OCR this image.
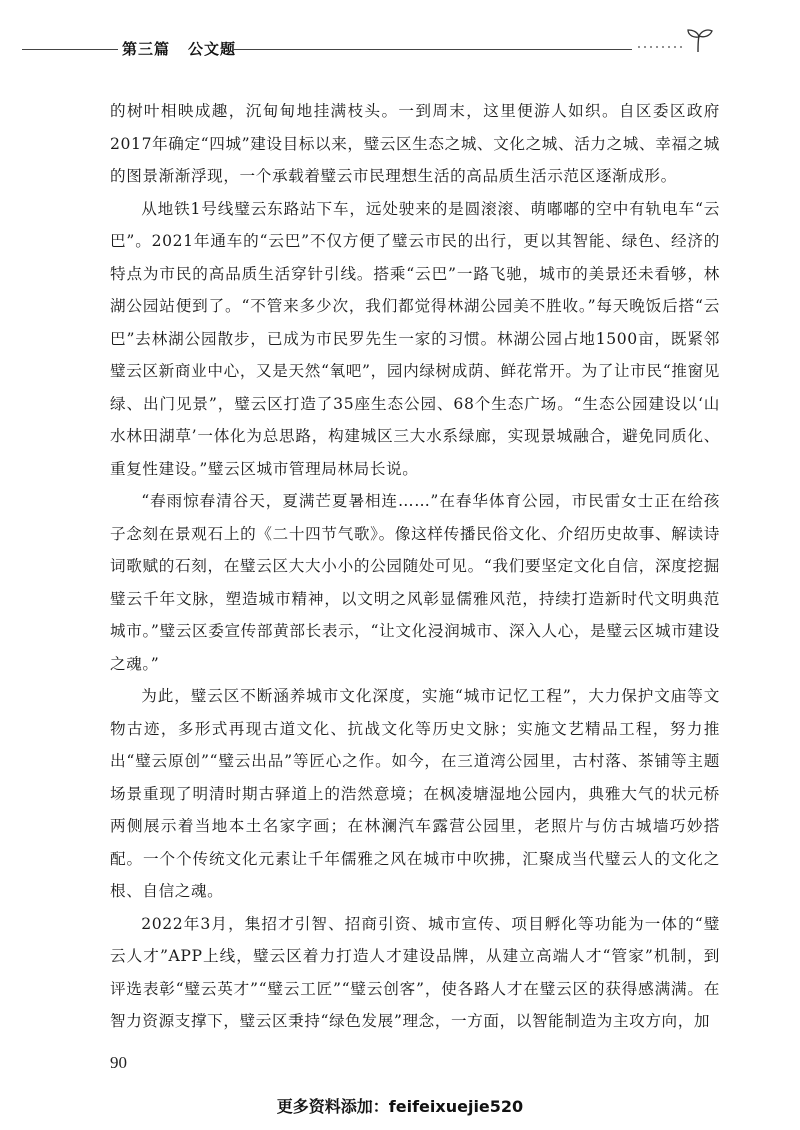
第三篇 公文题

的树叶相映成趣，沉甸甸地挂满枝头。一到周末，这里便游人如织。自区委区政府2017年确定“四城”建设目标以来，璧云区生态之城、文化之城、活力之城、幸福之城的图景渐渐浮现，一个承载着璧云市民理想生活的高品质生活示范区逐渐成形。

从地铁1号线璧云东路站下车，远处驶来的是圆滚滚、萌嘟嘟的空中有轨电车“云巴”。2021年通车的“云巴”不仅方便了璧云市民的出行，更以其智能、绿色、经济的特点为市民的高品质生活穿针引线。搭乘“云巴”一路飞驰，城市的美景还未看够，林湖公园站便到了。“不管来多少次，我们都觉得林湖公园美不胜收。”每天晚饭后搭“云巴”去林湖公园散步，已成为市民罗先生一家的习惯。林湖公园占地1500亩，既紧邻璧云区新商业中心，又是天然“氧吧”，园内绿树成荫、鲜花常开。为了让市民“推窗见绿、出门见景”，璧云区打造了35座生态公园、68个生态广场。“生态公园建设以‘山水林田湖草’一体化为总思路，构建城区三大水系绿廊，实现景城融合，避免同质化、重复性建设。”璧云区城市管理局林局长说。

“春雨惊春清谷天，夏满芒夏暑相连……”在春华体育公园，市民雷女士正在给孩子念刻在景观石上的《二十四节气歌》。像这样传播民俗文化、介绍历史故事、解读诗词歌赋的石刻，在璧云区大大小小的公园随处可见。“我们要坚定文化自信，深度挖掘璧云千年文脉，塑造城市精神，以文明之风彰显儒雅风范，持续打造新时代文明典范城市。”璧云区委宣传部黄部长表示，“让文化浸润城市、深入人心，是璧云区城市建设之魂。”

为此，璧云区不断涵养城市文化深度，实施“城市记忆工程”，大力保护文庙等文物古迹，多形式再现古道文化、抗战文化等历史文脉；实施文艺精品工程，努力推出“璧云原创”“璧云出品”等匠心之作。如今，在三道湾公园里，古村落、茶铺等主题场景重现了明清时期古驿道上的浩然意境；在枫凌塘湿地公园内，典雅大气的状元桥两侧展示着当地本土名家字画；在林澜汽车露营公园里，老照片与仿古城墙巧妙搭配。一个个传统文化元素让千年儒雅之风在城市中吹拂，汇聚成当代璧云人的文化之根、自信之魂。

2022年3月，集招才引智、招商引资、城市宣传、项目孵化等功能为一体的“璧云人才”APP上线，璧云区着力打造人才建设品牌，从建立高端人才“管家”机制，到评选表彰“璧云英才”“璧云工匠”“璧云创客”，使各路人才在璧云区的获得感满满。在智力资源支撑下，璧云区秉持“绿色发展”理念，一方面，以智能制造为主攻方向，加

90
更多资料添加：feifeixuejie520
